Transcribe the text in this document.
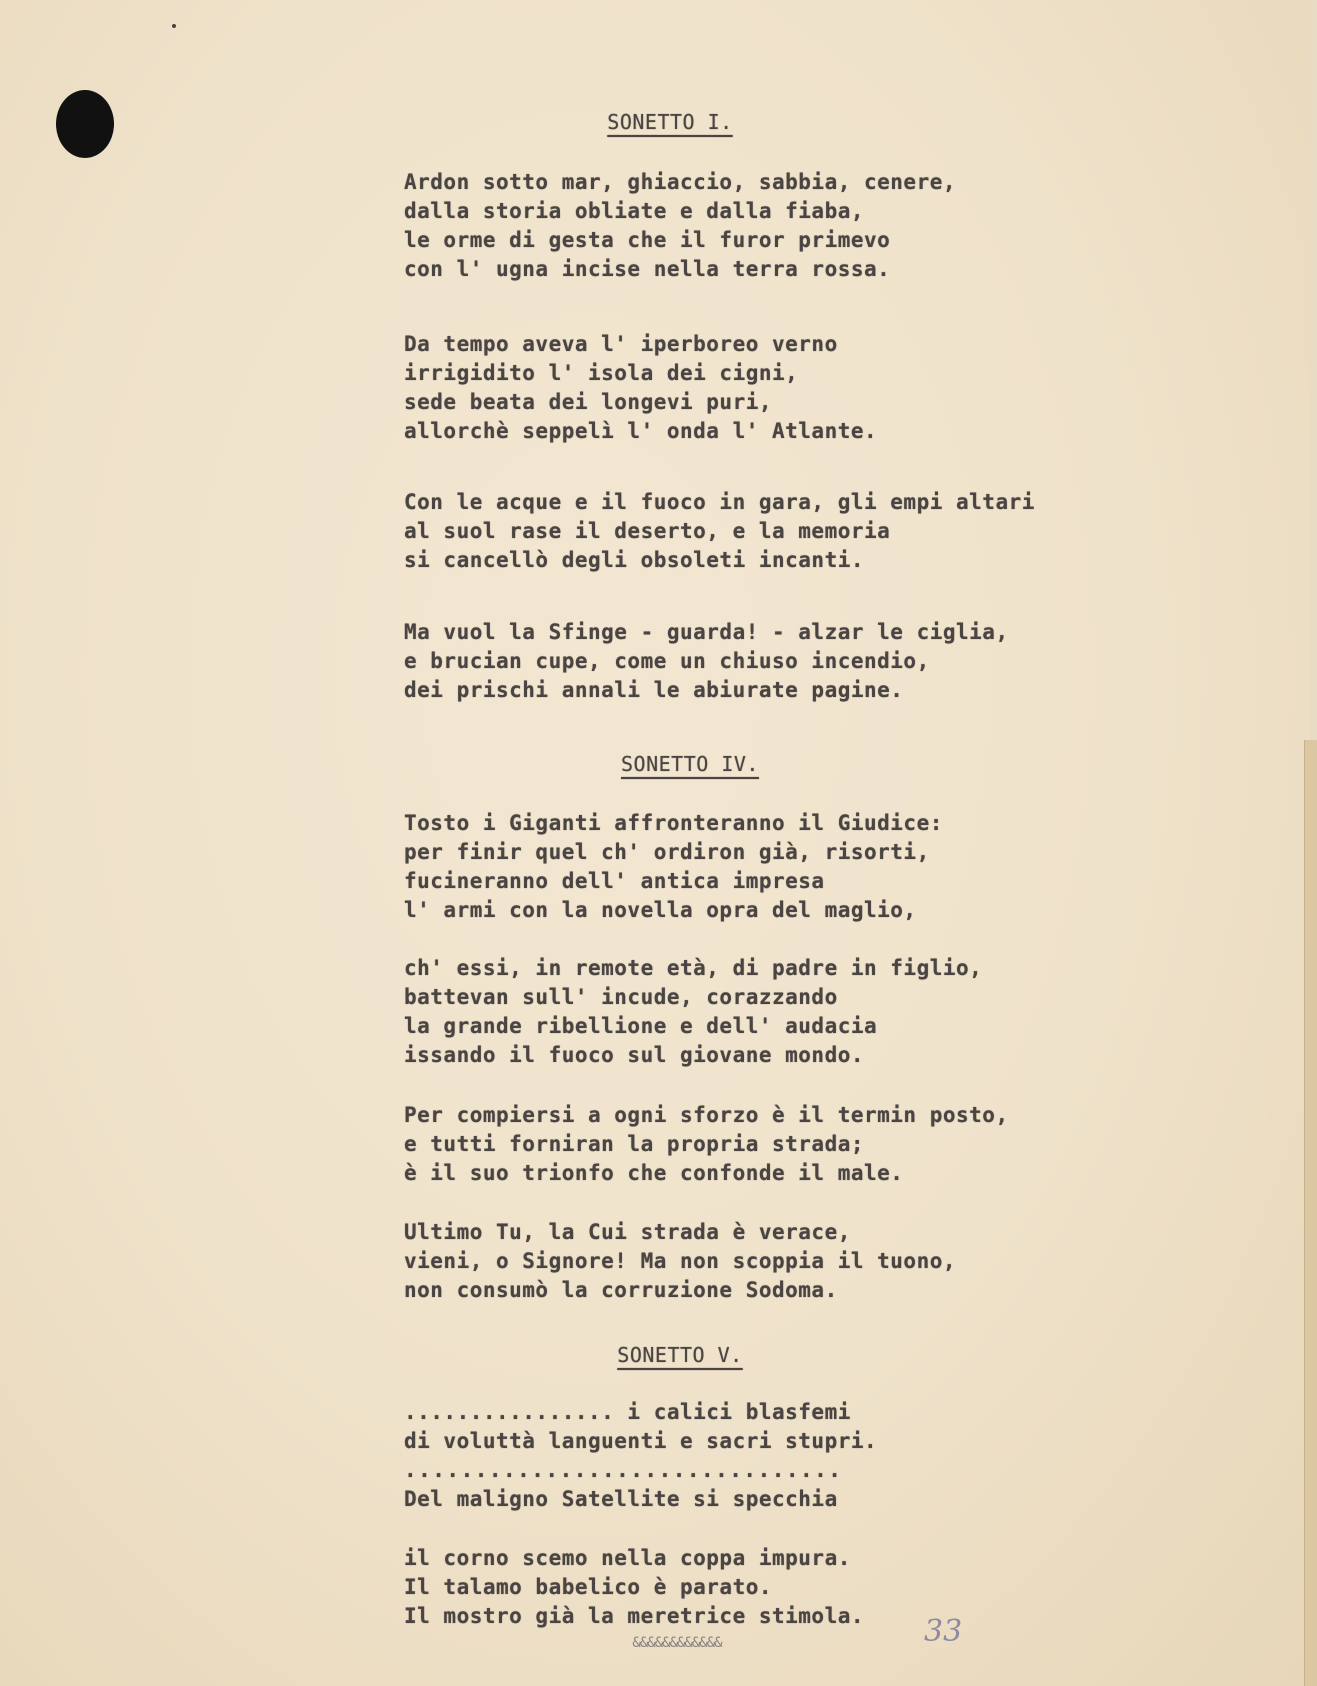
SONETTO I.
Ardon sotto mar, ghiaccio, sabbia, cenere,
dalla storia obliate e dalla fiaba,
le orme di gesta che il furor primevo
con l' ugna incise nella terra rossa.
Da tempo aveva l' iperboreo verno
irrigidito l' isola dei cigni,
sede beata dei longevi puri,
allorchè seppelì l' onda l' Atlante.
Con le acque e il fuoco in gara, gli empi altari
al suol rase il deserto, e la memoria
si cancellò degli obsoleti incanti.
Ma vuol la Sfinge - guarda! - alzar le ciglia,
e brucian cupe, come un chiuso incendio,
dei prischi annali le abiurate pagine.
SONETTO IV.
Tosto i Giganti affronteranno il Giudice:
per finir quel ch' ordiron già, risorti,
fucineranno dell' antica impresa
l' armi con la novella opra del maglio,
ch' essi, in remote età, di padre in figlio,
battevan sull' incude, corazzando
la grande ribellione e dell' audacia
issando il fuoco sul giovane mondo.
Per compiersi a ogni sforzo è il termin posto,
e tutti forniran la propria strada;
è il suo trionfo che confonde il male.
Ultimo Tu, la Cui strada è verace,
vieni, o Signore! Ma non scoppia il tuono,
non consumò la corruzione Sodoma.
SONETTO V.
................ i calici blasfemi
di voluttà languenti e sacri stupri.
...............................
Del maligno Satellite si specchia
il corno scemo nella coppa impura.
Il talamo babelico è parato.
Il mostro già la meretrice stimola.
&&&&&&&&&&&&	33
